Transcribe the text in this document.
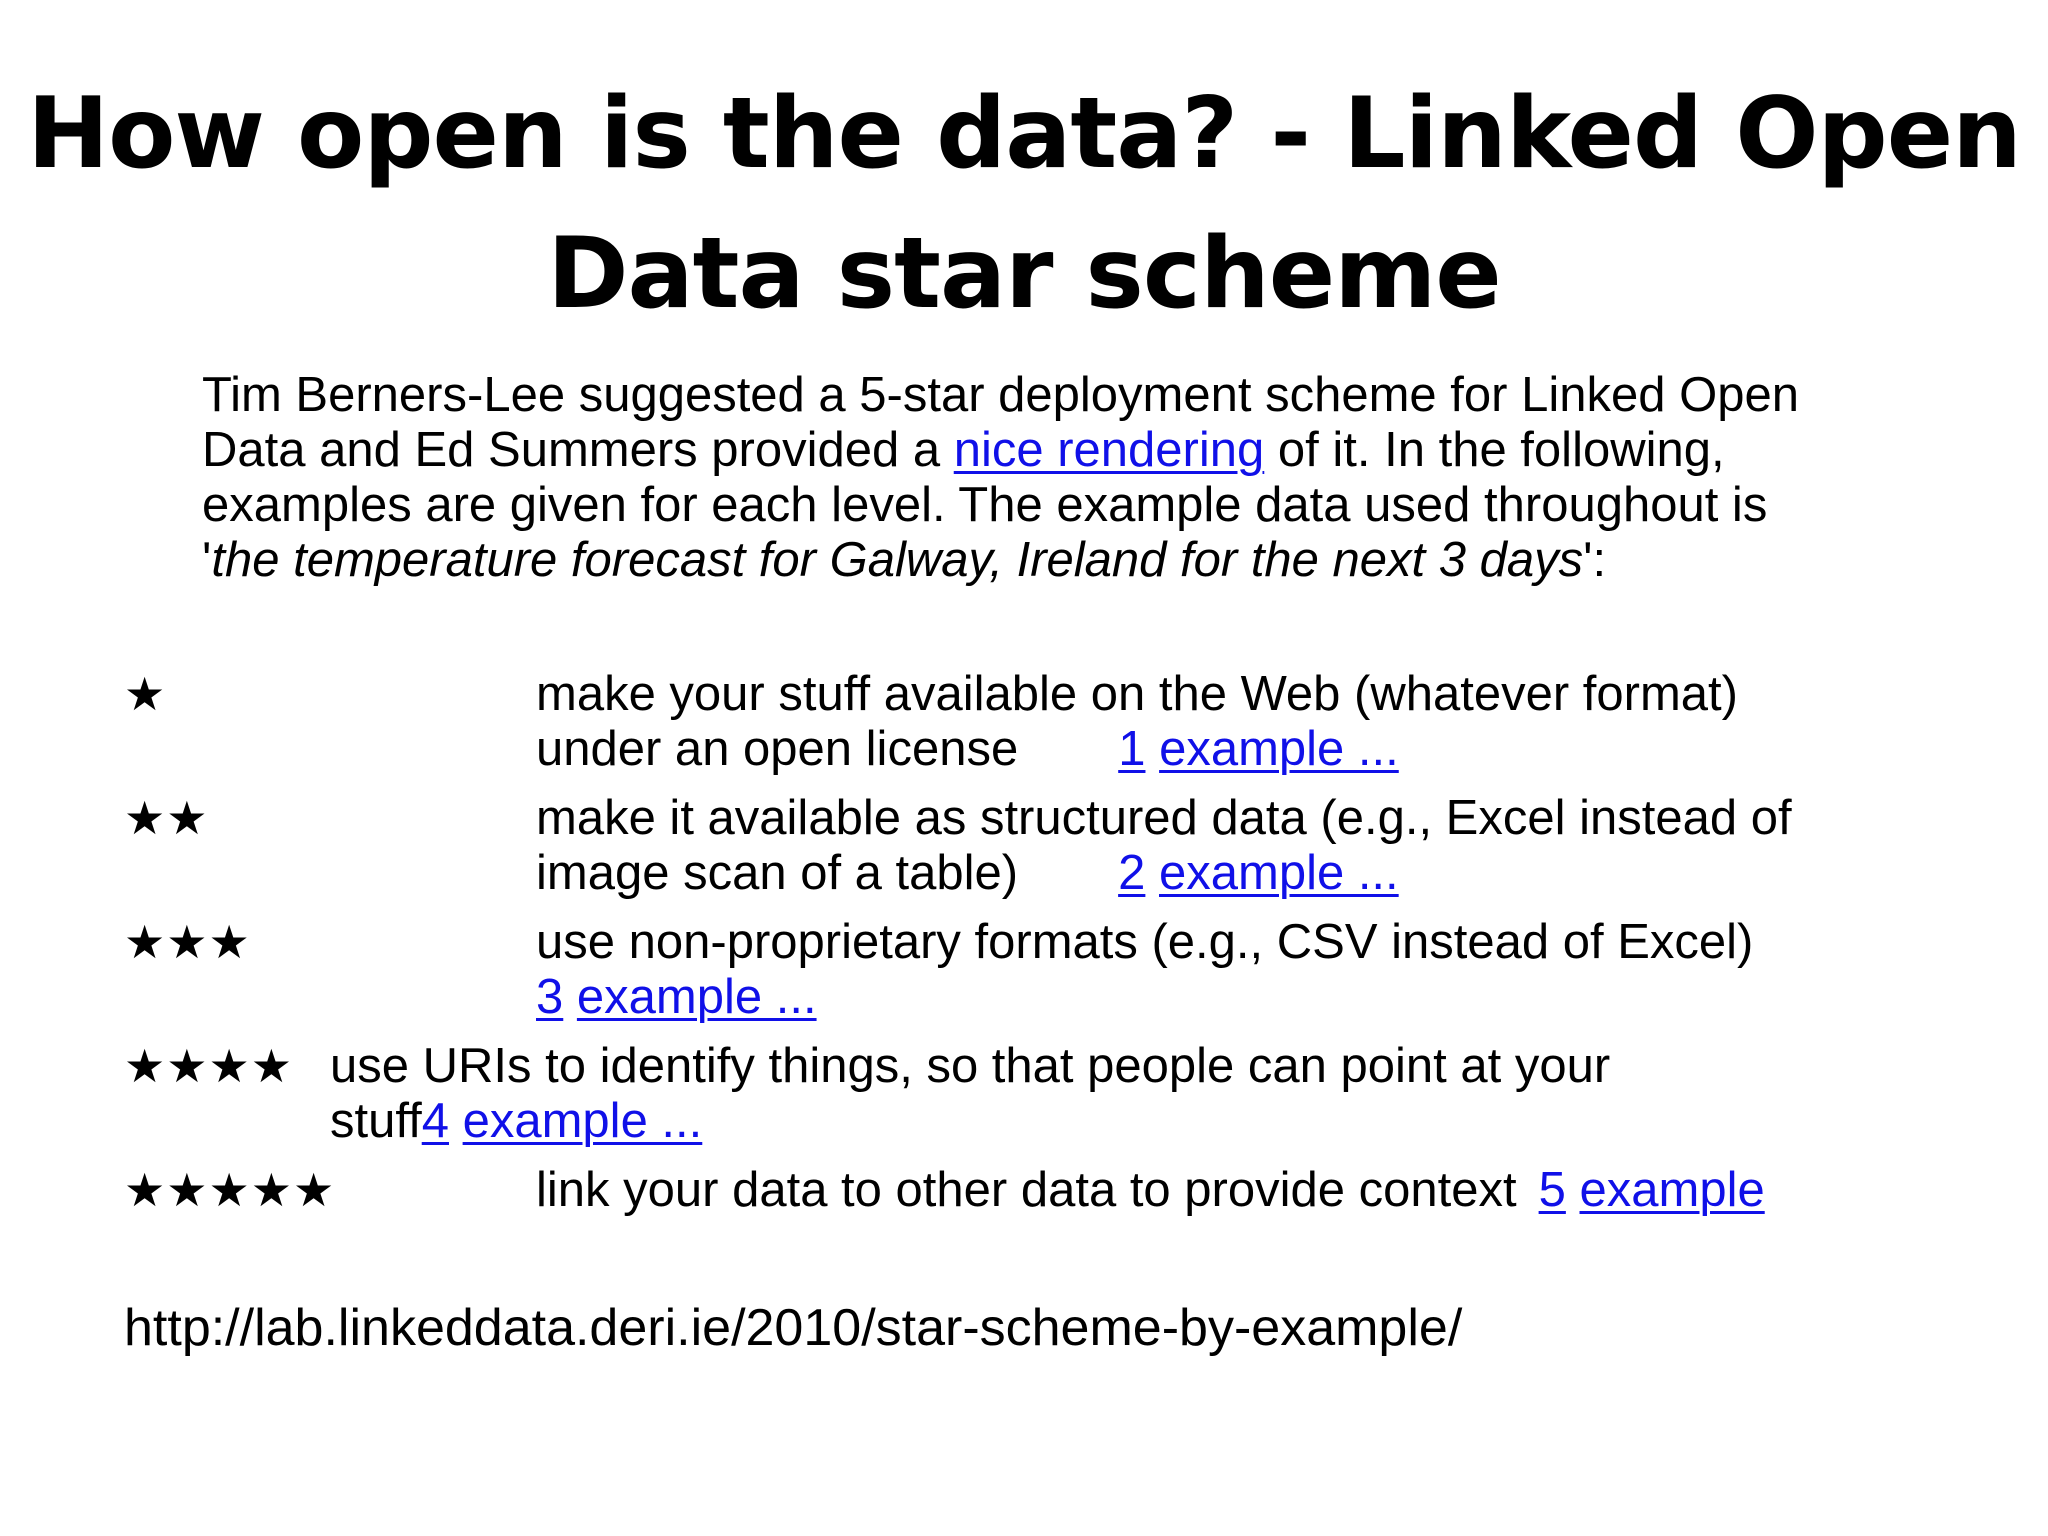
How open is the data? - Linked Open
Data star scheme
Tim Berners-Lee suggested a 5-star deployment scheme for Linked Open
Data and Ed Summers provided a nice rendering of it. In the following,
examples are given for each level. The example data used throughout is
'the temperature forecast for Galway, Ireland for the next 3 days':
★	make your stuff available on the Web (whatever format)
under an open license 1 example ...
★★	make it available as structured data (e.g., Excel instead of
image scan of a table) 2 example ...
★★★	use non-proprietary formats (e.g., CSV instead of Excel)
3 example ...
★★★★ use URIs to identify things, so that people can point at your
stuff4 example ...
★★★★★	link your data to other data to provide context 5 example
http://lab.linkeddata.deri.ie/2010/star-scheme-by-example/
